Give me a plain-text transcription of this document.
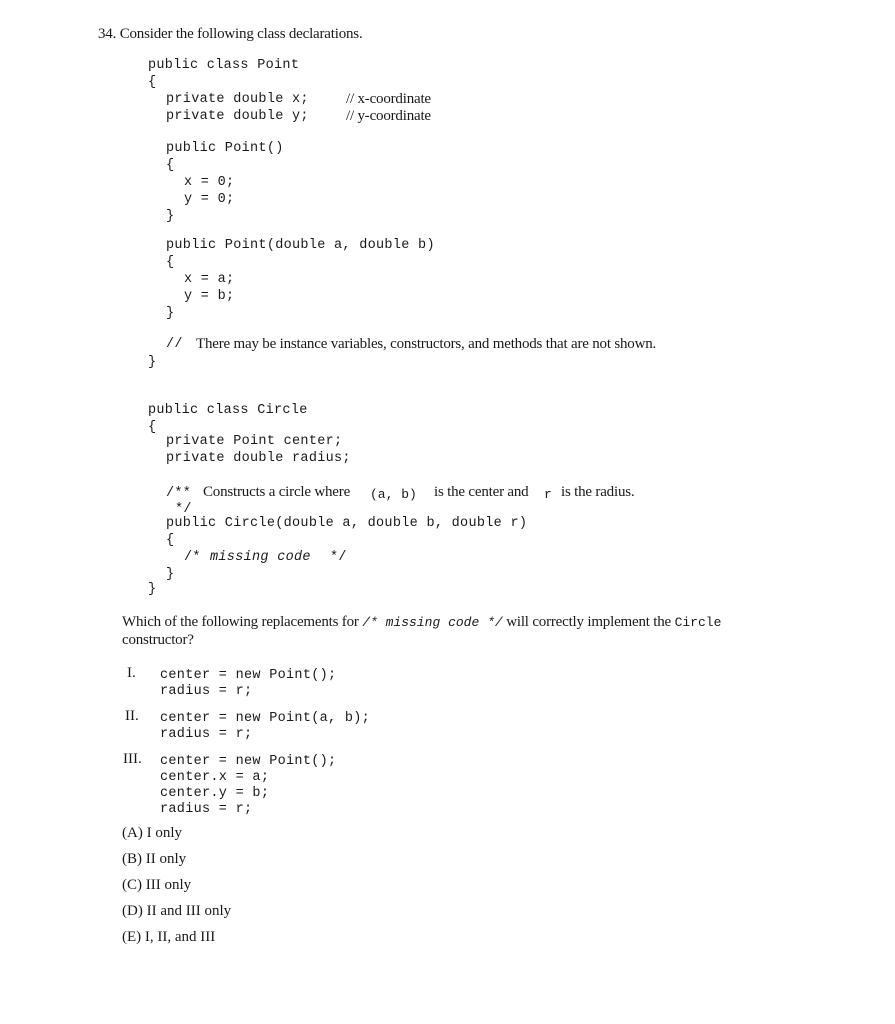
34. Consider the following class declarations.
public class Point
{
private double x; // x-coordinate
private double y; // y-coordinate
public Point()
{
x = 0;
y = 0;
}
public Point(double a, double b)
{
x = a;
y = b;
}
// There may be instance variables, constructors, and methods that are not shown.
}
public class Circle
{
private Point center;
private double radius;
/** Constructs a circle where (a, b) is the center and r is the radius.
*/
public Circle(double a, double b, double r)
{
/* missing code */
}
}
Which of the following replacements for /* missing code */ will correctly implement the Circle
constructor?
I. center = new Point();
radius = r;
II. center = new Point(a, b);
radius = r;
III. center = new Point();
center.x = a;
center.y = b;
radius = r;
(A) I only
(B) II only
(C) III only
(D) II and III only
(E) I, II, and III
